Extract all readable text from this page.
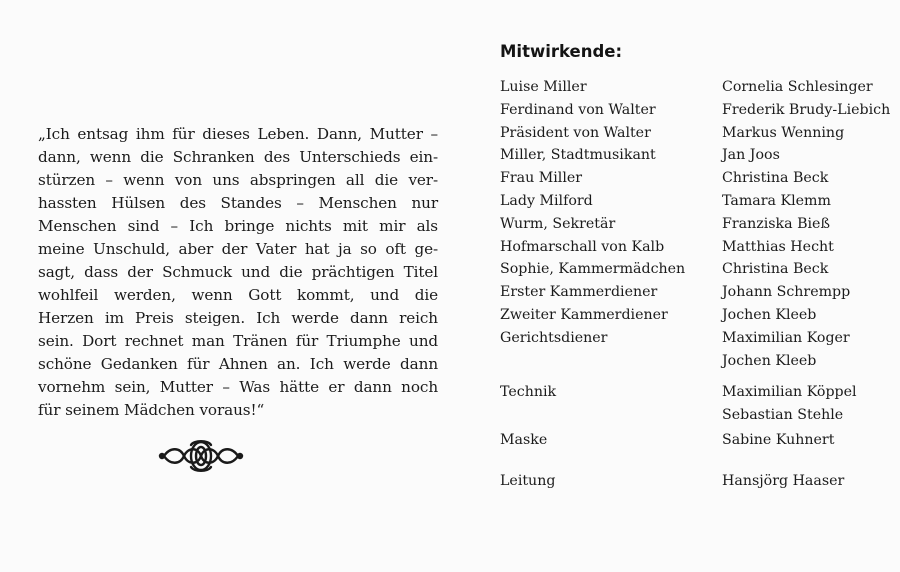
„Ich entsag ihm für dieses Leben. Dann, Mutter –
dann, wenn die Schranken des Unterschieds ein-
stürzen – wenn von uns abspringen all die ver-
hassten Hülsen des Standes – Menschen nur
Menschen sind – Ich bringe nichts mit mir als
meine Unschuld, aber der Vater hat ja so oft ge-
sagt, dass der Schmuck und die prächtigen Titel
wohlfeil werden, wenn Gott kommt, und die
Herzen im Preis steigen. Ich werde dann reich
sein. Dort rechnet man Tränen für Triumphe und
schöne Gedanken für Ahnen an. Ich werde dann
vornehm sein, Mutter – Was hätte er dann noch
für seinem Mädchen voraus!“
Mitwirkende:
Luise Miller	Cornelia Schlesinger
Ferdinand von Walter	Frederik Brudy-Liebich
Präsident von Walter	Markus Wenning
Miller, Stadtmusikant	Jan Joos
Frau Miller	Christina Beck
Lady Milford	Tamara Klemm
Wurm, Sekretär	Franziska Bieß
Hofmarschall von Kalb	Matthias Hecht
Sophie, Kammermädchen	Christina Beck
Erster Kammerdiener	Johann Schrempp
Zweiter Kammerdiener	Jochen Kleeb
Gerichtsdiener	Maximilian Koger
Jochen Kleeb
Technik	Maximilian Köppel
Sebastian Stehle
Maske	Sabine Kuhnert
Leitung	Hansjörg Haaser
